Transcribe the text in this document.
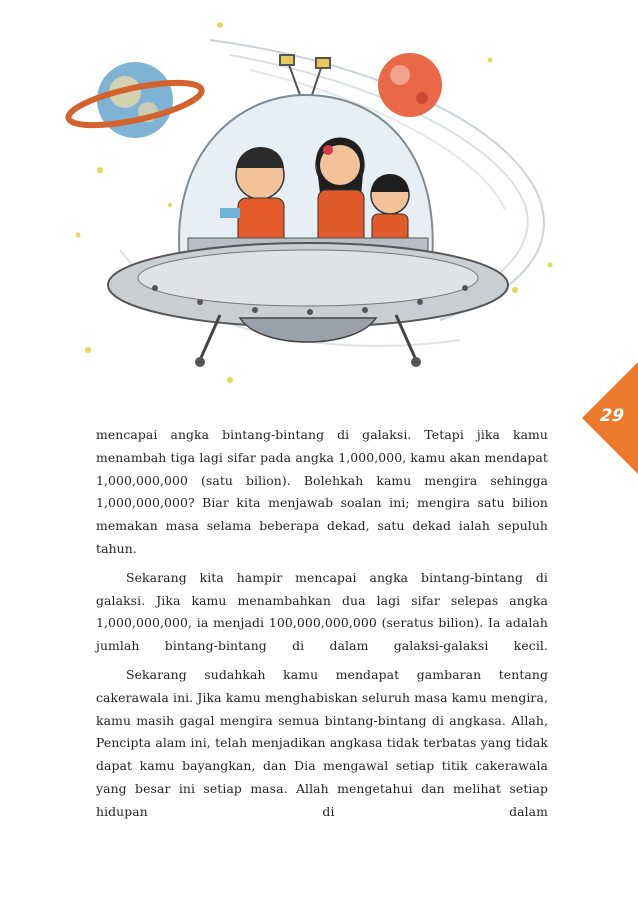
29

mencapai angka bintang-bintang di galaksi. Tetapi jika kamu menambah tiga lagi sifar pada angka 1,000,000, kamu akan mendapat 1,000,000,000 (satu bilion). Bolehkah kamu mengira sehingga 1,000,000,000? Biar kita menjawab soalan ini; mengira satu bilion memakan masa selama beberapa dekad, satu dekad ialah sepuluh tahun.

Sekarang kita hampir mencapai angka bintang-bintang di galaksi. Jika kamu menambahkan dua lagi sifar selepas angka 1,000,000,000, ia menjadi 100,000,000,000 (seratus bilion). Ia adalah jumlah bintang-bintang di dalam galaksi-galaksi kecil.

Sekarang sudahkah kamu mendapat gambaran tentang cakerawala ini. Jika kamu menghabiskan seluruh masa kamu mengira, kamu masih gagal mengira semua bintang-bintang di angkasa. Allah, Pencipta alam ini, telah menjadikan angkasa tidak terbatas yang tidak dapat kamu bayangkan, dan Dia mengawal setiap titik cakerawala yang besar ini setiap masa. Allah mengetahui dan melihat setiap hidupan di dalam
